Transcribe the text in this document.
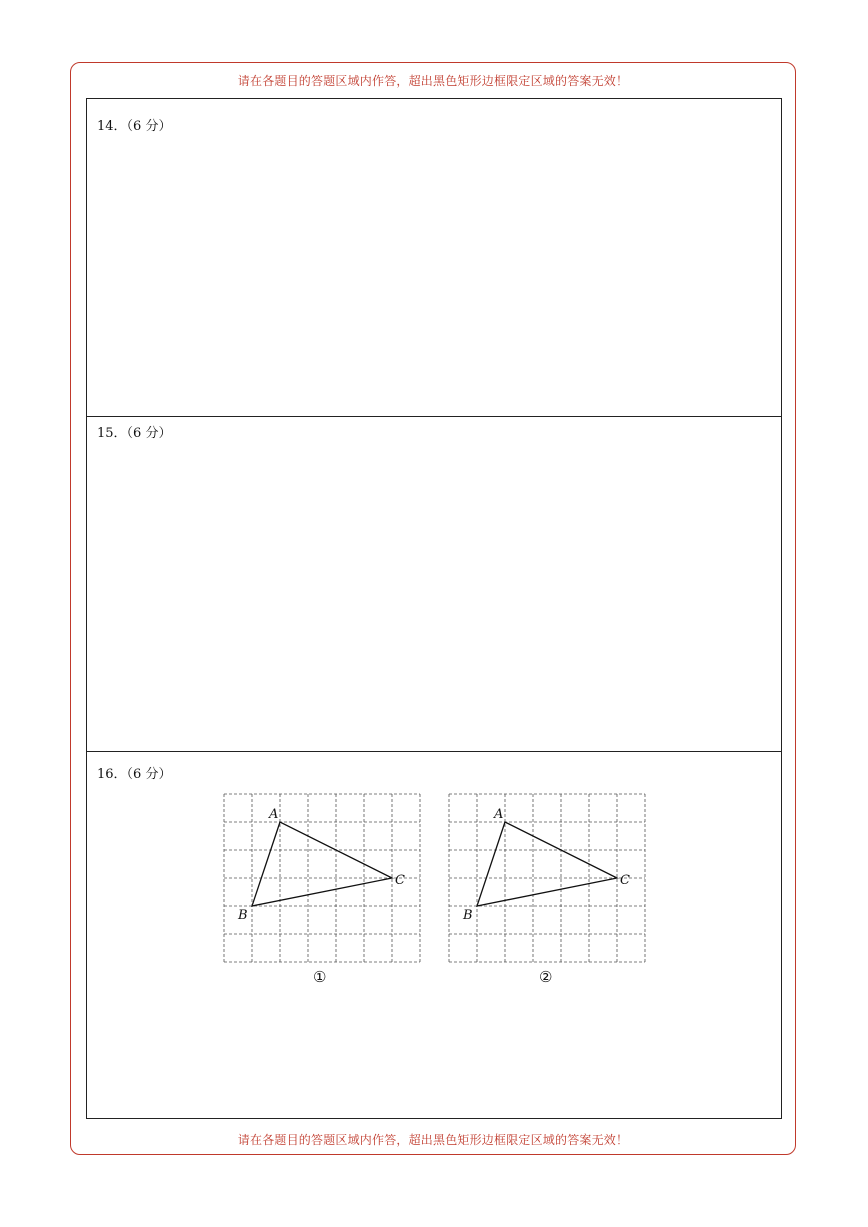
请在各题目的答题区域内作答，超出黑色矩形边框限定区域的答案无效！
14．（6 分）
15．（6 分）
16．（6 分）
A
B
C
①
A
B
C
②
请在各题目的答题区域内作答，超出黑色矩形边框限定区域的答案无效！
